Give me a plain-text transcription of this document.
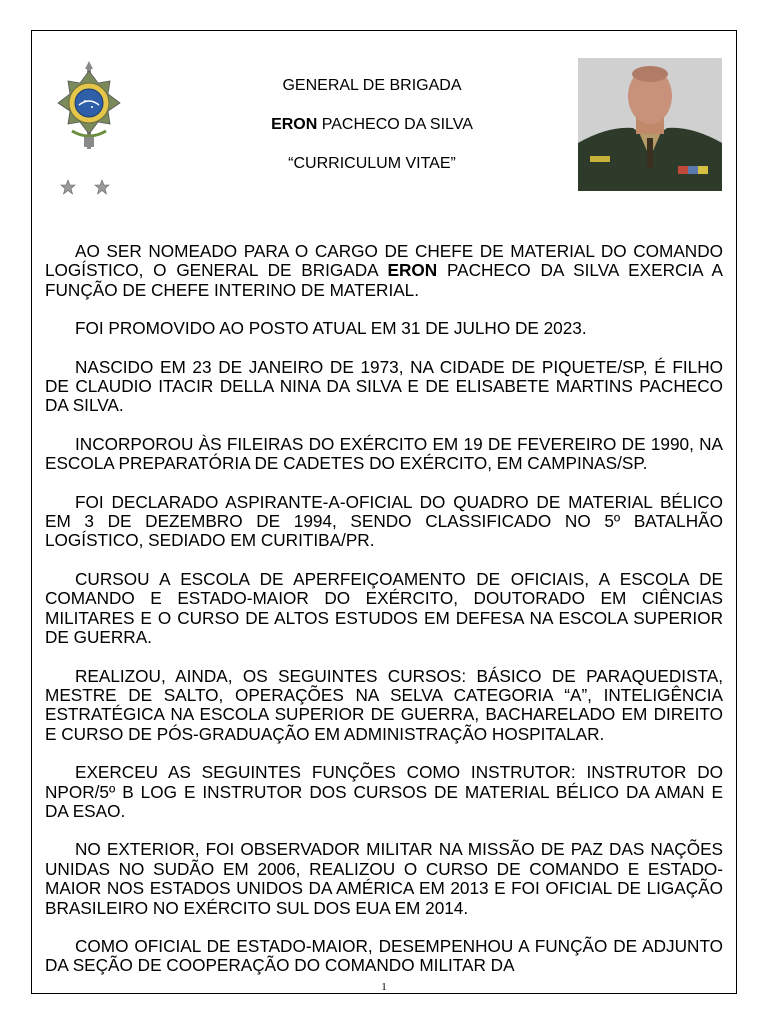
GENERAL DE BRIGADA
ERON PACHECO DA SILVA
“CURRICULUM VITAE”

AO SER NOMEADO PARA O CARGO DE CHEFE DE MATERIAL DO COMANDO LOGÍSTICO, O GENERAL DE BRIGADA ERON PACHECO DA SILVA EXERCIA A FUNÇÃO DE CHEFE INTERINO DE MATERIAL.

FOI PROMOVIDO AO POSTO ATUAL EM 31 DE JULHO DE 2023.

NASCIDO EM 23 DE JANEIRO DE 1973, NA CIDADE DE PIQUETE/SP, É FILHO DE CLAUDIO ITACIR DELLA NINA DA SILVA E DE ELISABETE MARTINS PACHECO DA SILVA.

INCORPOROU ÀS FILEIRAS DO EXÉRCITO EM 19 DE FEVEREIRO DE 1990, NA ESCOLA PREPARATÓRIA DE CADETES DO EXÉRCITO, EM CAMPINAS/SP.

FOI DECLARADO ASPIRANTE-A-OFICIAL DO QUADRO DE MATERIAL BÉLICO EM 3 DE DEZEMBRO DE 1994, SENDO CLASSIFICADO NO 5º BATALHÃO LOGÍSTICO, SEDIADO EM CURITIBA/PR.

CURSOU A ESCOLA DE APERFEIÇOAMENTO DE OFICIAIS, A ESCOLA DE COMANDO E ESTADO-MAIOR DO EXÉRCITO, DOUTORADO EM CIÊNCIAS MILITARES E O CURSO DE ALTOS ESTUDOS EM DEFESA NA ESCOLA SUPERIOR DE GUERRA.

REALIZOU, AINDA, OS SEGUINTES CURSOS: BÁSICO DE PARAQUEDISTA, MESTRE DE SALTO, OPERAÇÕES NA SELVA CATEGORIA “A”, INTELIGÊNCIA ESTRATÉGICA NA ESCOLA SUPERIOR DE GUERRA, BACHARELADO EM DIREITO E CURSO DE PÓS-GRADUAÇÃO EM ADMINISTRAÇÃO HOSPITALAR.

EXERCEU AS SEGUINTES FUNÇÕES COMO INSTRUTOR: INSTRUTOR DO NPOR/5º B LOG E INSTRUTOR DOS CURSOS DE MATERIAL BÉLICO DA AMAN E DA ESAO.

NO EXTERIOR, FOI OBSERVADOR MILITAR NA MISSÃO DE PAZ DAS NAÇÕES UNIDAS NO SUDÃO EM 2006, REALIZOU O CURSO DE COMANDO E ESTADO-MAIOR NOS ESTADOS UNIDOS DA AMÉRICA EM 2013 E FOI OFICIAL DE LIGAÇÃO BRASILEIRO NO EXÉRCITO SUL DOS EUA EM 2014.

COMO OFICIAL DE ESTADO-MAIOR, DESEMPENHOU A FUNÇÃO DE ADJUNTO DA SEÇÃO DE COOPERAÇÃO DO COMANDO MILITAR DA

1
